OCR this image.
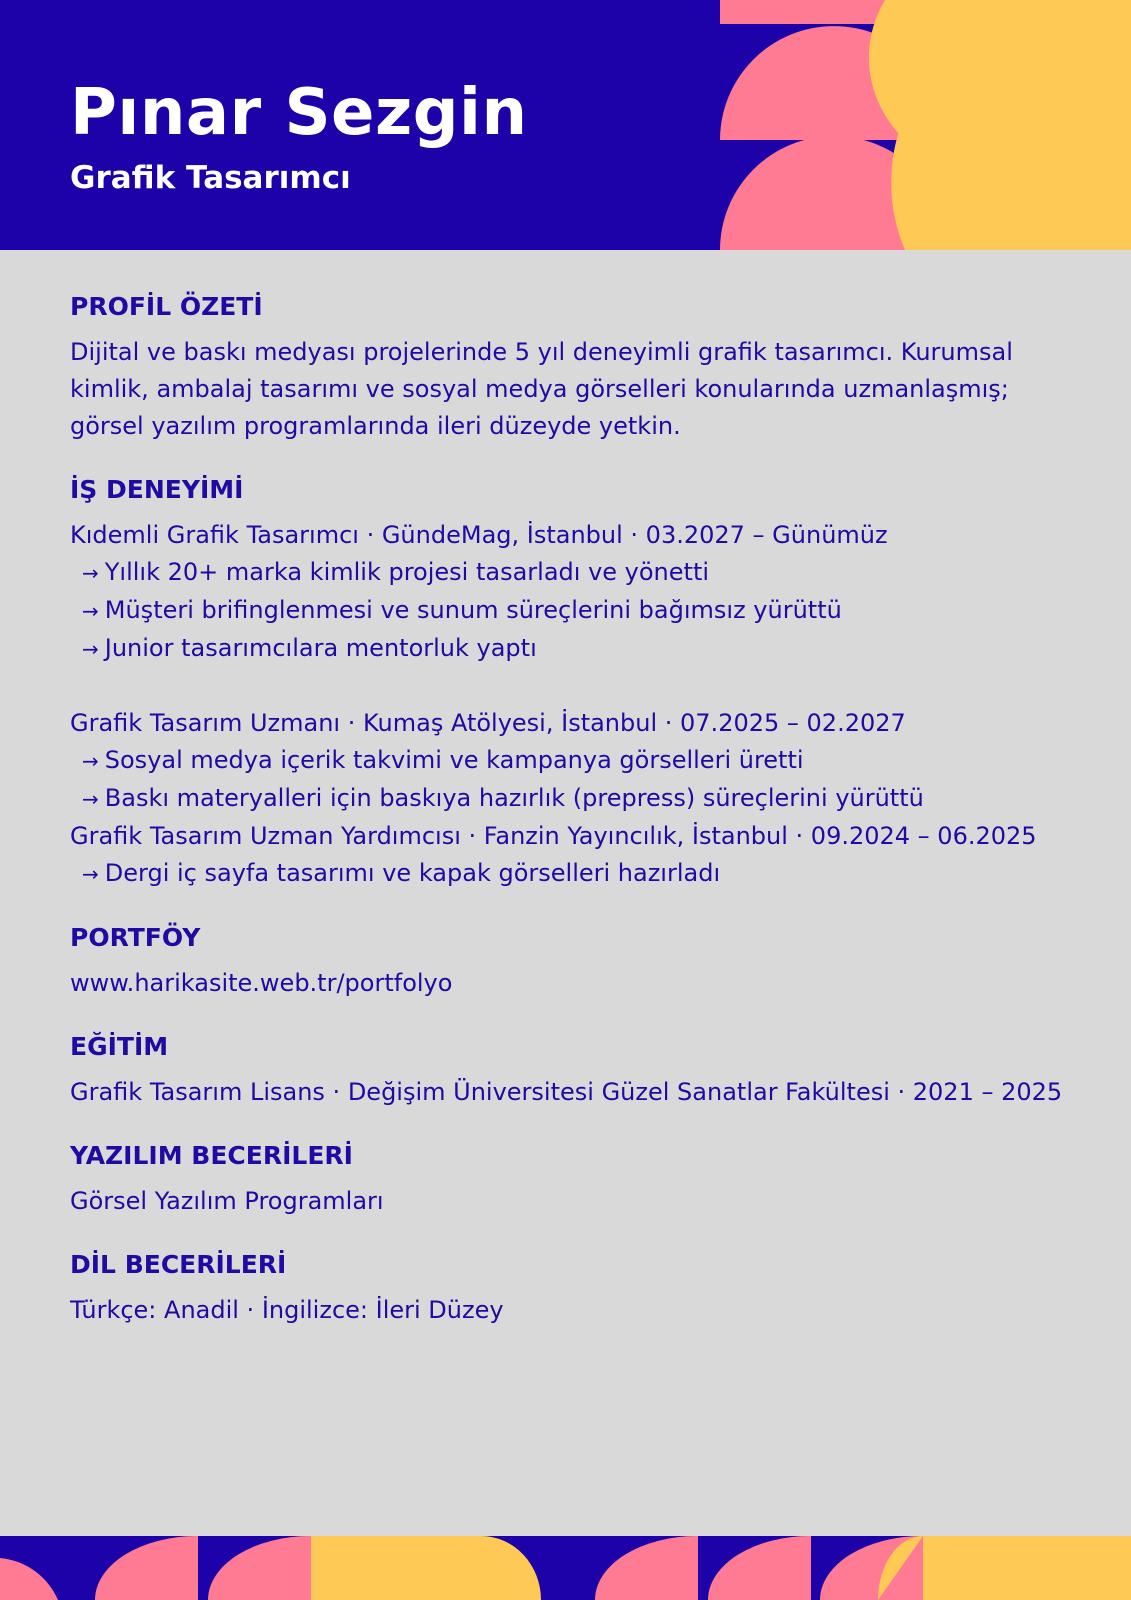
Pınar Sezgin
Grafik Tasarımcı
PROFİL ÖZETİ
Dijital ve baskı medyası projelerinde 5 yıl deneyimli grafik tasarımcı. Kurumsal kimlik, ambalaj tasarımı ve sosyal medya görselleri konularında uzmanlaşmış; görsel yazılım programlarında ileri düzeyde yetkin.
İŞ DENEYİMİ
Kıdemli Grafik Tasarımcı · GündeMag, İstanbul · 03.2027 – Günümüz
→ Yıllık 20+ marka kimlik projesi tasarladı ve yönetti
→ Müşteri brifinglenmesi ve sunum süreçlerini bağımsız yürüttü
→ Junior tasarımcılara mentorluk yaptı
Grafik Tasarım Uzmanı · Kumaş Atölyesi, İstanbul · 07.2025 – 02.2027
→ Sosyal medya içerik takvimi ve kampanya görselleri üretti
→ Baskı materyalleri için baskıya hazırlık (prepress) süreçlerini yürüttü
Grafik Tasarım Uzman Yardımcısı · Fanzin Yayıncılık, İstanbul · 09.2024 – 06.2025
→ Dergi iç sayfa tasarımı ve kapak görselleri hazırladı
PORTFÖY
www.harikasite.web.tr/portfolyo
EĞİTİM
Grafik Tasarım Lisans · Değişim Üniversitesi Güzel Sanatlar Fakültesi · 2021 – 2025
YAZILIM BECERİLERİ
Görsel Yazılım Programları
DİL BECERİLERİ
Türkçe: Anadil · İngilizce: İleri Düzey
